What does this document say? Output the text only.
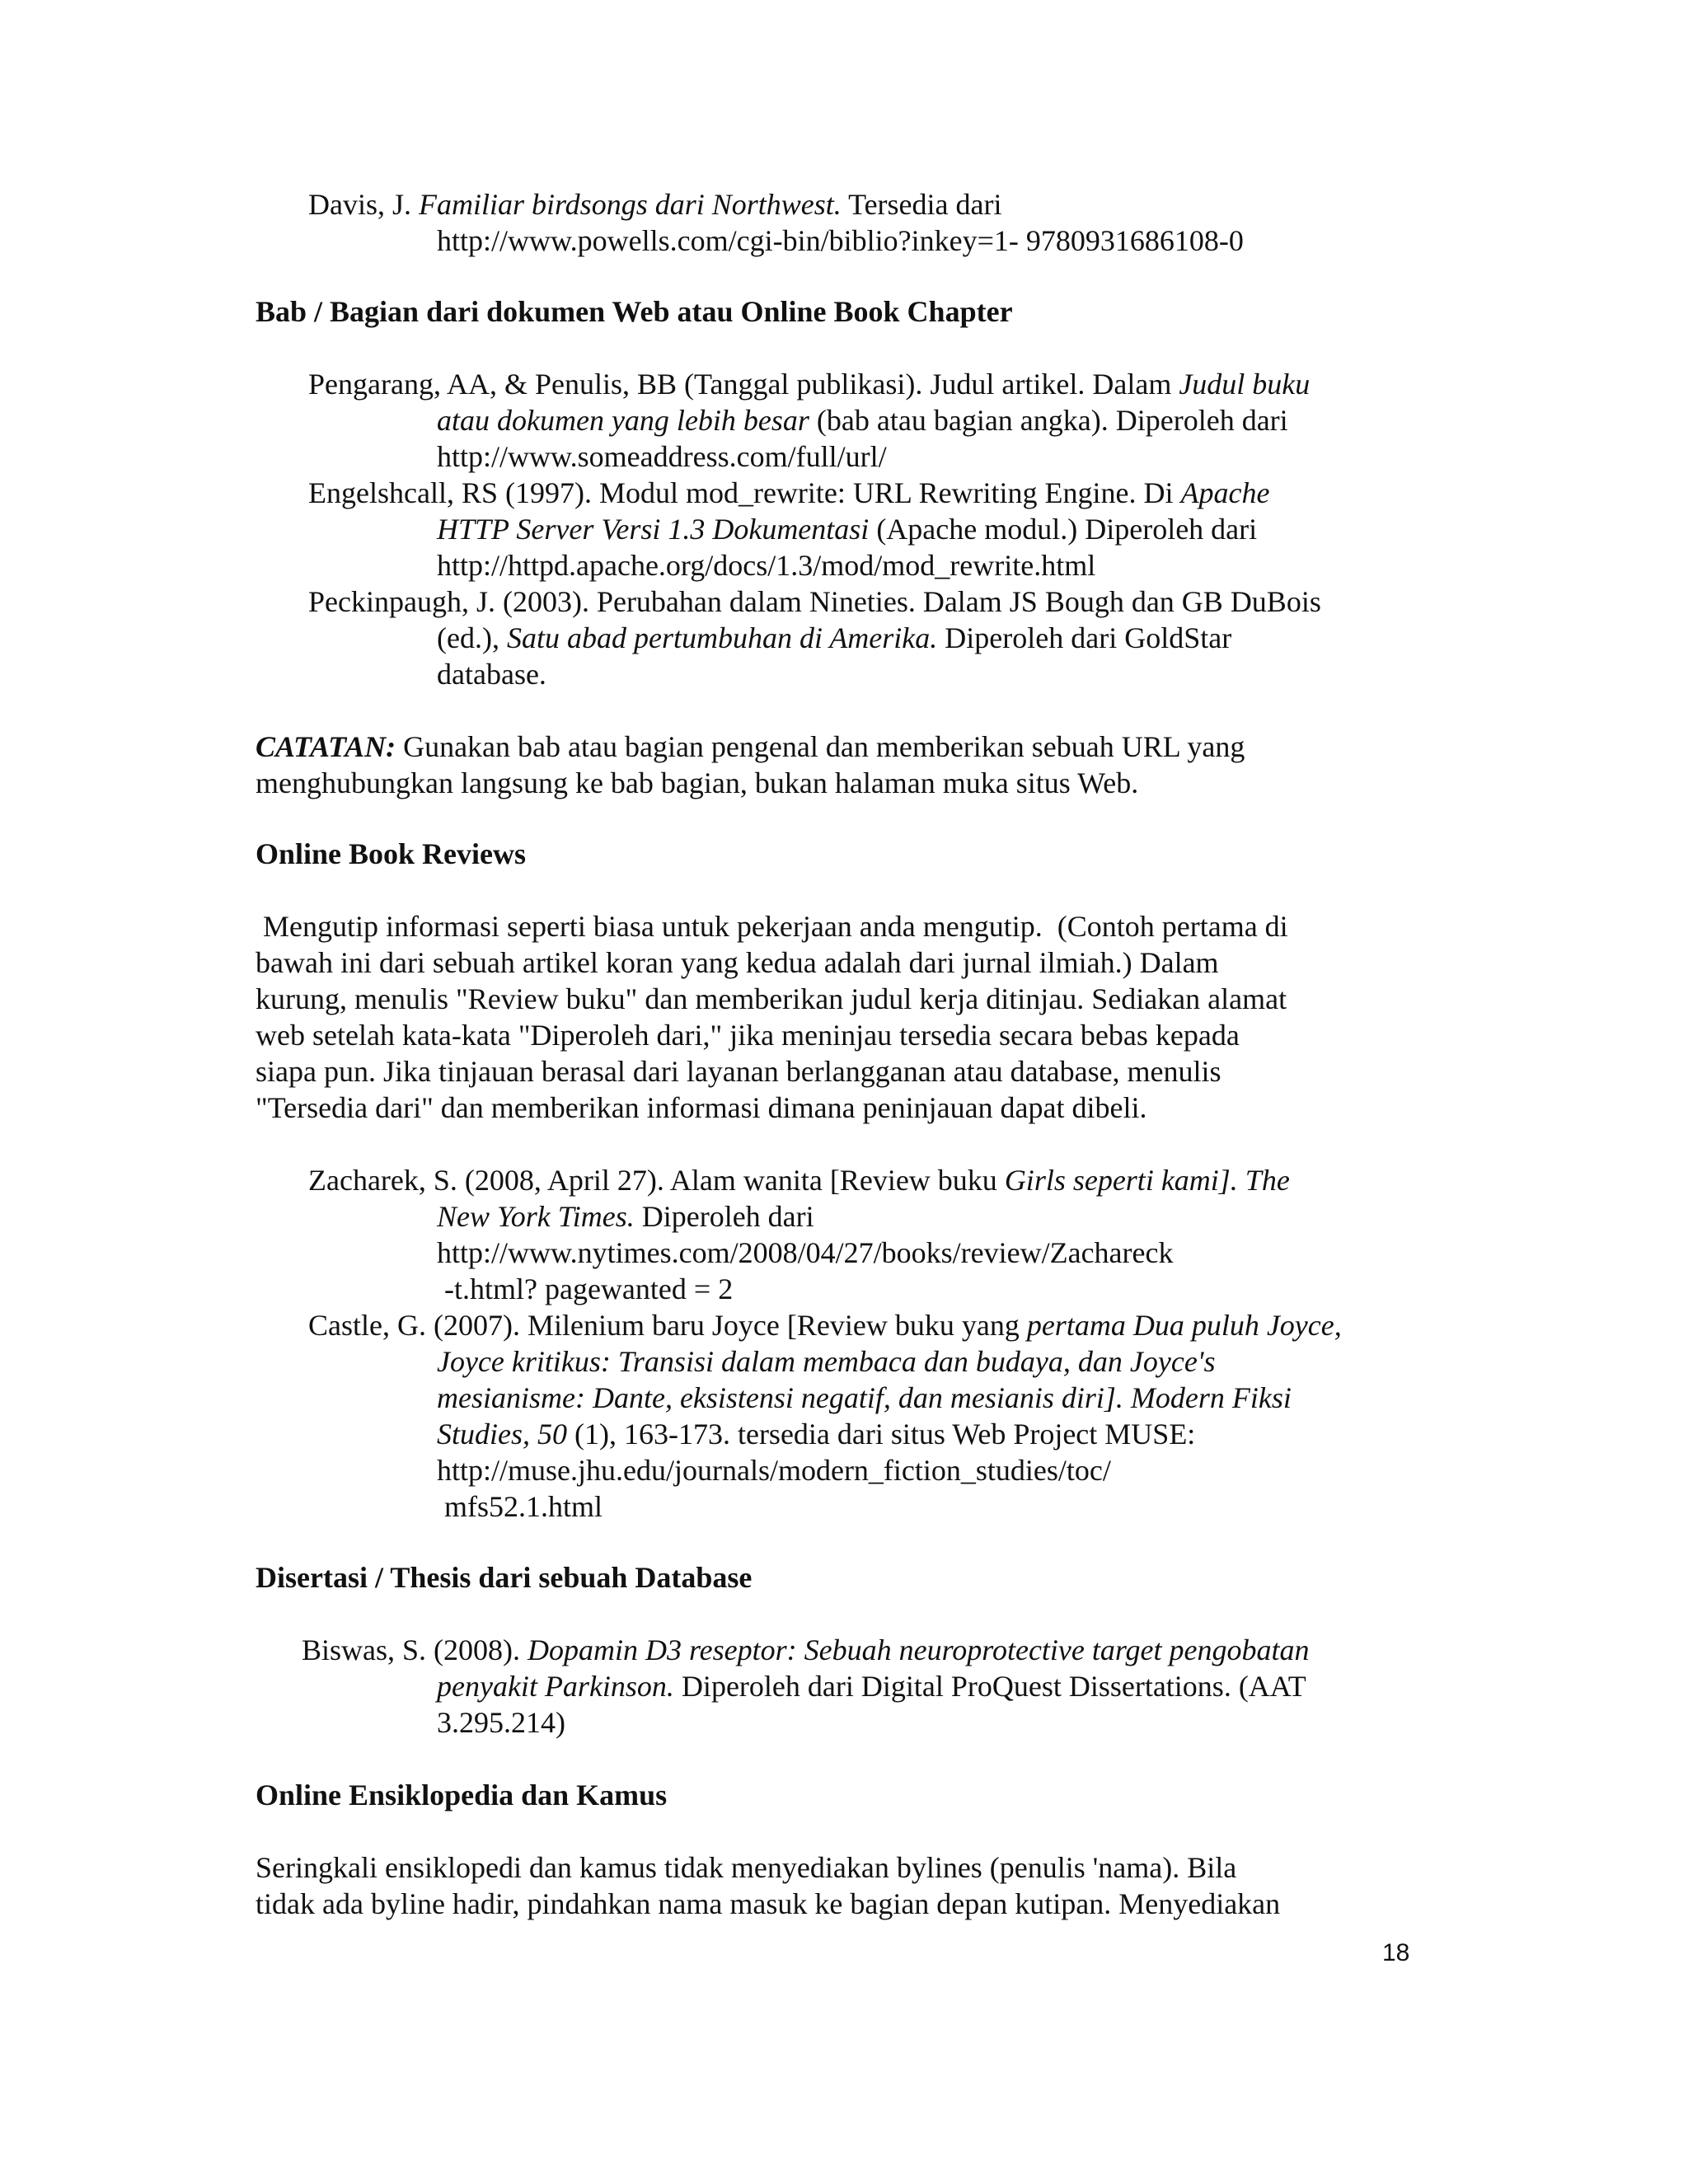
Davis, J. Familiar birdsongs dari Northwest. Tersedia dari
http://www.powells.com/cgi-bin/biblio?inkey=1- 9780931686108-0
Bab / Bagian dari dokumen Web atau Online Book Chapter
Pengarang, AA, & Penulis, BB (Tanggal publikasi). Judul artikel. Dalam Judul buku
atau dokumen yang lebih besar (bab atau bagian angka). Diperoleh dari
http://www.someaddress.com/full/url/
Engelshcall, RS (1997). Modul mod_rewrite: URL Rewriting Engine. Di Apache
HTTP Server Versi 1.3 Dokumentasi (Apache modul.) Diperoleh dari
http://httpd.apache.org/docs/1.3/mod/mod_rewrite.html
Peckinpaugh, J. (2003). Perubahan dalam Nineties. Dalam JS Bough dan GB DuBois
(ed.), Satu abad pertumbuhan di Amerika. Diperoleh dari GoldStar
database.
CATATAN: Gunakan bab atau bagian pengenal dan memberikan sebuah URL yang
menghubungkan langsung ke bab bagian, bukan halaman muka situs Web.
Online Book Reviews
Mengutip informasi seperti biasa untuk pekerjaan anda mengutip.  (Contoh pertama di
bawah ini dari sebuah artikel koran yang kedua adalah dari jurnal ilmiah.) Dalam
kurung, menulis "Review buku" dan memberikan judul kerja ditinjau. Sediakan alamat
web setelah kata-kata "Diperoleh dari," jika meninjau tersedia secara bebas kepada
siapa pun. Jika tinjauan berasal dari layanan berlangganan atau database, menulis
"Tersedia dari" dan memberikan informasi dimana peninjauan dapat dibeli.
Zacharek, S. (2008, April 27). Alam wanita [Review buku Girls seperti kami]. The
New York Times. Diperoleh dari
http://www.nytimes.com/2008/04/27/books/review/Zachareck
-t.html? pagewanted = 2
Castle, G. (2007). Milenium baru Joyce [Review buku yang pertama Dua puluh Joyce,
Joyce kritikus: Transisi dalam membaca dan budaya, dan Joyce's
mesianisme: Dante, eksistensi negatif, dan mesianis diri]. Modern Fiksi
Studies, 50 (1), 163-173. tersedia dari situs Web Project MUSE:
http://muse.jhu.edu/journals/modern_fiction_studies/toc/
mfs52.1.html
Disertasi / Thesis dari sebuah Database
Biswas, S. (2008). Dopamin D3 reseptor: Sebuah neuroprotective target pengobatan
penyakit Parkinson. Diperoleh dari Digital ProQuest Dissertations. (AAT
3.295.214)
Online Ensiklopedia dan Kamus
Seringkali ensiklopedi dan kamus tidak menyediakan bylines (penulis 'nama). Bila
tidak ada byline hadir, pindahkan nama masuk ke bagian depan kutipan. Menyediakan
18
